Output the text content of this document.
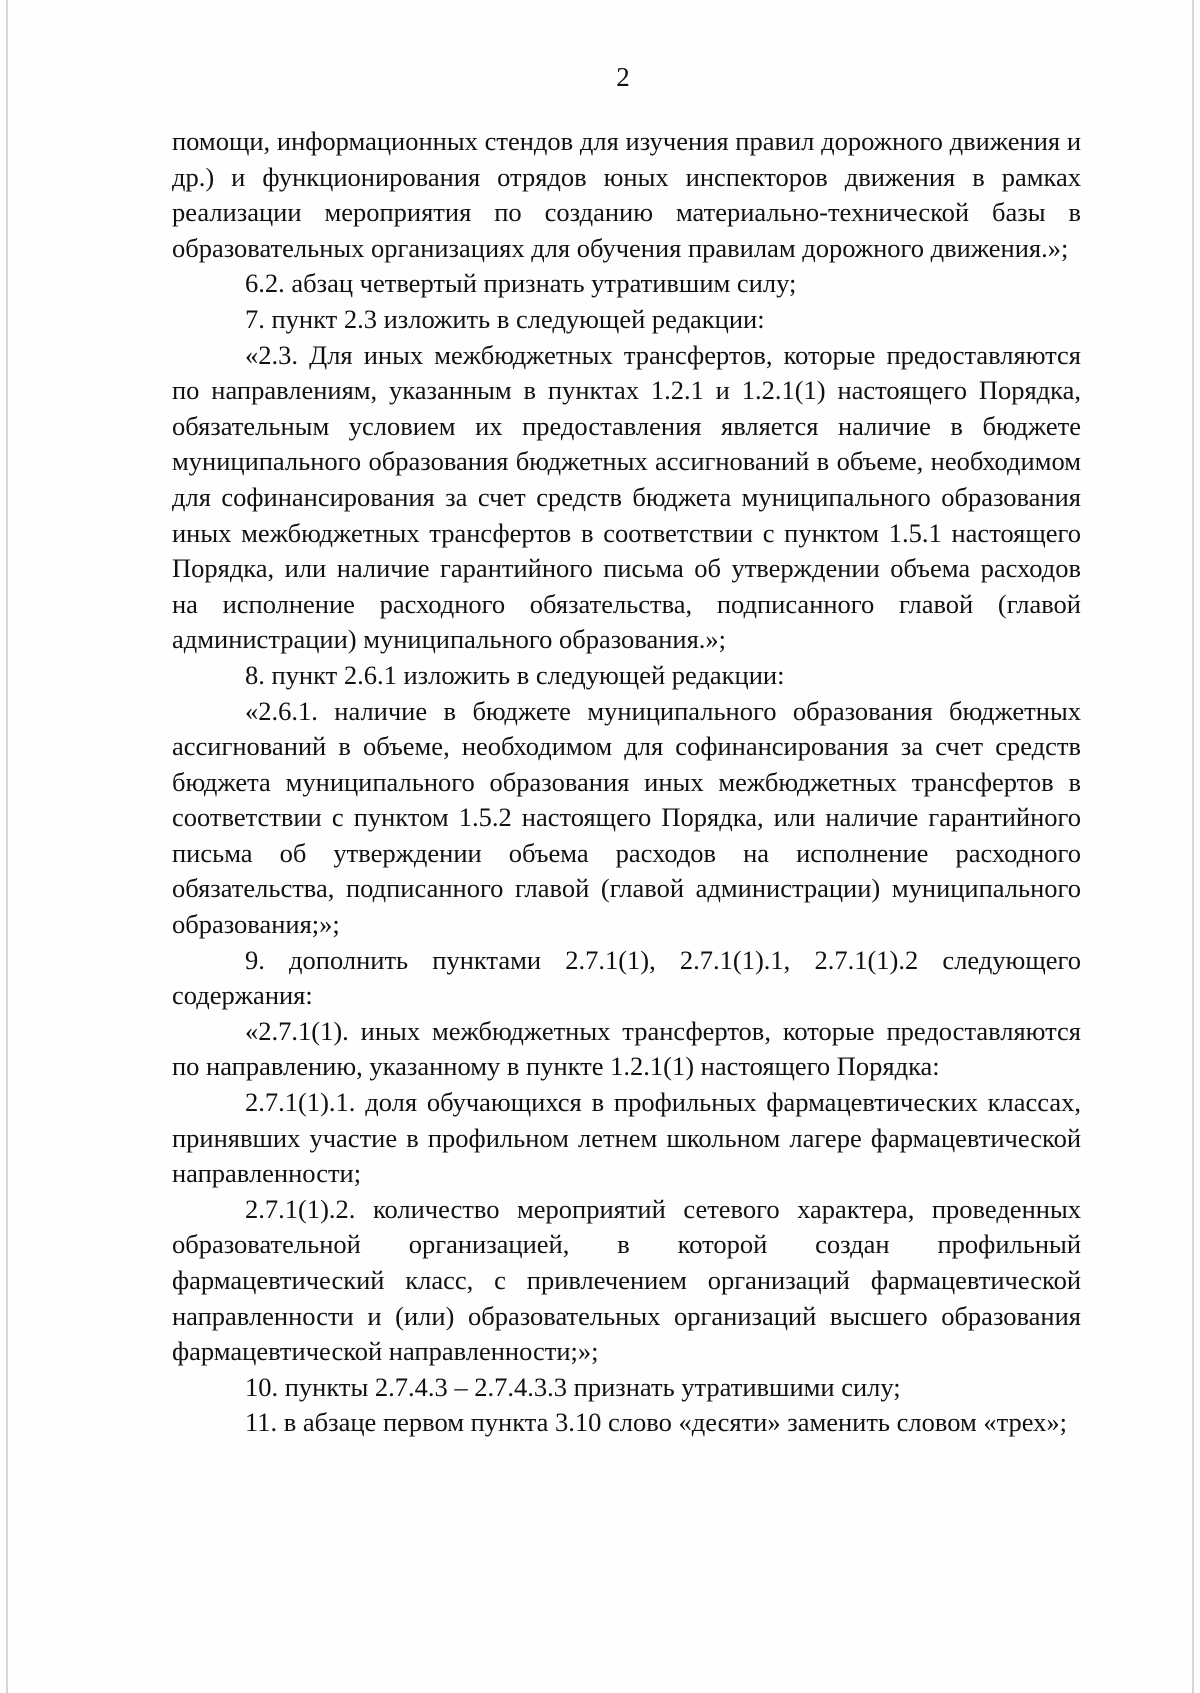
2

помощи, информационных стендов для изучения правил дорожного движения и др.) и функционирования отрядов юных инспекторов движения в рамках реализации мероприятия по созданию материально-технической базы в образовательных организациях для обучения правилам дорожного движения.»;

6.2. абзац четвертый признать утратившим силу;

7. пункт 2.3 изложить в следующей редакции:

«2.3. Для иных межбюджетных трансфертов, которые предоставляются по направлениям, указанным в пунктах 1.2.1 и 1.2.1(1) настоящего Порядка, обязательным условием их предоставления является наличие в бюджете муниципального образования бюджетных ассигнований в объеме, необходимом для софинансирования за счет средств бюджета муниципального образования иных межбюджетных трансфертов в соответствии с пунктом 1.5.1 настоящего Порядка, или наличие гарантийного письма об утверждении объема расходов на исполнение расходного обязательства, подписанного главой (главой администрации) муниципального образования.»;

8. пункт 2.6.1 изложить в следующей редакции:

«2.6.1. наличие в бюджете муниципального образования бюджетных ассигнований в объеме, необходимом для софинансирования за счет средств бюджета муниципального образования иных межбюджетных трансфертов в соответствии с пунктом 1.5.2 настоящего Порядка, или наличие гарантийного письма об утверждении объема расходов на исполнение расходного обязательства, подписанного главой (главой администрации) муниципального образования;»;

9. дополнить пунктами 2.7.1(1), 2.7.1(1).1, 2.7.1(1).2 следующего содержания:

«2.7.1(1). иных межбюджетных трансфертов, которые предоставляются по направлению, указанному в пункте 1.2.1(1) настоящего Порядка:

2.7.1(1).1. доля обучающихся в профильных фармацевтических классах, принявших участие в профильном летнем школьном лагере фармацевтической направленности;

2.7.1(1).2. количество мероприятий сетевого характера, проведенных образовательной организацией, в которой создан профильный фармацевтический класс, с привлечением организаций фармацевтической направленности и (или) образовательных организаций высшего образования фармацевтической направленности;»;

10. пункты 2.7.4.3 – 2.7.4.3.3 признать утратившими силу;

11. в абзаце первом пункта 3.10 слово «десяти» заменить словом «трех»;
